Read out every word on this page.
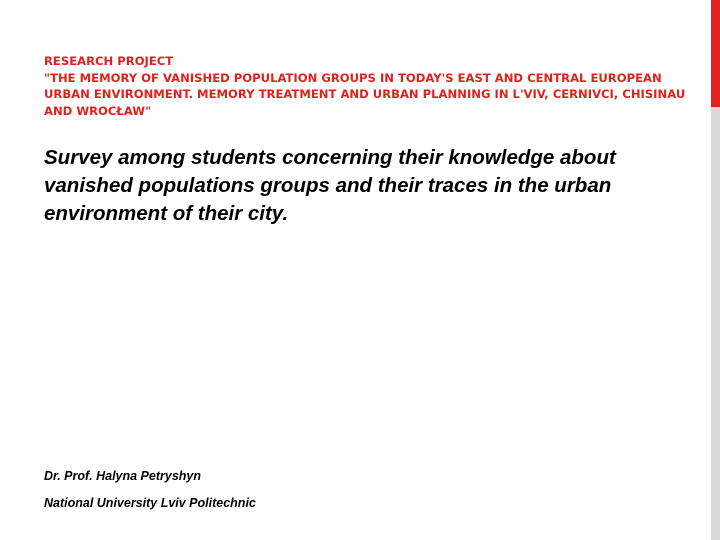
RESEARCH PROJECT
"THE MEMORY OF VANISHED POPULATION GROUPS IN TODAY'S EAST AND CENTRAL EUROPEAN URBAN ENVIRONMENT. MEMORY TREATMENT AND URBAN PLANNING IN L'VIV, CERNIVCI, CHISINAU AND WROCŁAW"
Survey among students concerning their knowledge about vanished populations groups and their traces in the urban environment of their city.
Dr. Prof. Halyna Petryshyn
National University Lviv Politechnic
